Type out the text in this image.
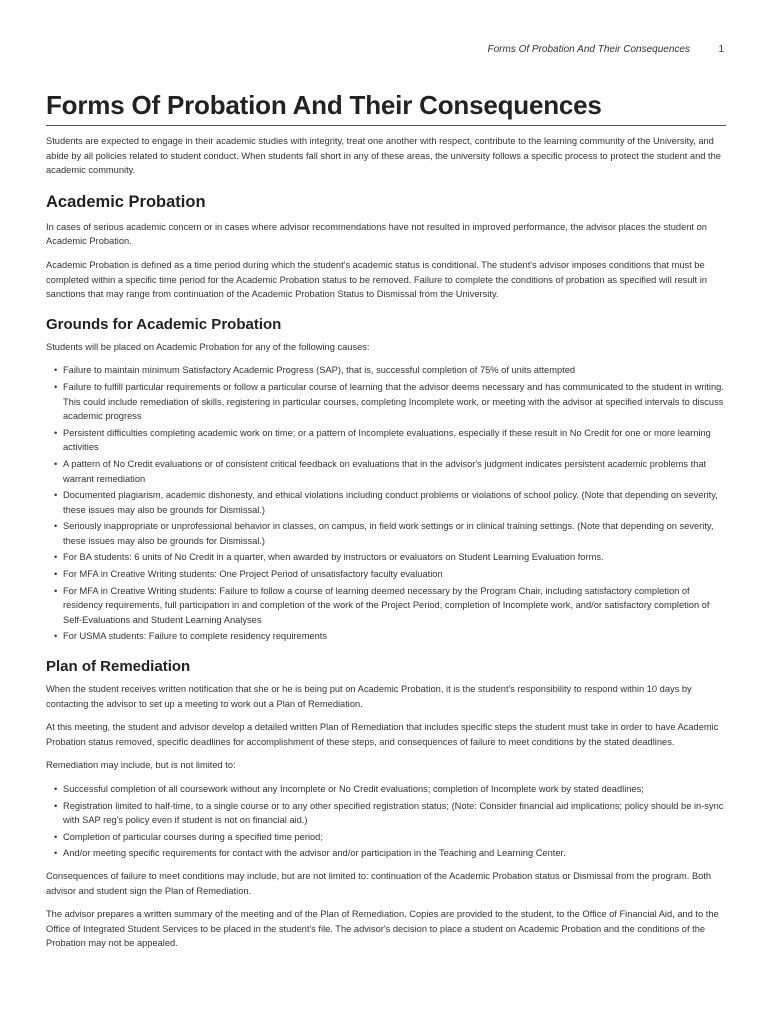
Forms Of Probation And Their Consequences	1
Forms Of Probation And Their Consequences

Students are expected to engage in their academic studies with integrity, treat one another with respect, contribute to the learning community of the University, and abide by all policies related to student conduct. When students fall short in any of these areas, the university follows a specific process to protect the student and the academic community.

Academic Probation

In cases of serious academic concern or in cases where advisor recommendations have not resulted in improved performance, the advisor places the student on Academic Probation.

Academic Probation is defined as a time period during which the student's academic status is conditional. The student's advisor imposes conditions that must be completed within a specific time period for the Academic Probation status to be removed. Failure to complete the conditions of probation as specified will result in sanctions that may range from continuation of the Academic Probation Status to Dismissal from the University.

Grounds for Academic Probation

Students will be placed on Academic Probation for any of the following causes:

• Failure to maintain minimum Satisfactory Academic Progress (SAP), that is, successful completion of 75% of units attempted
• Failure to fulfill particular requirements or follow a particular course of learning that the advisor deems necessary and has communicated to the student in writing. This could include remediation of skills, registering in particular courses, completing Incomplete work, or meeting with the advisor at specified intervals to discuss academic progress
• Persistent difficulties completing academic work on time; or a pattern of Incomplete evaluations, especially if these result in No Credit for one or more learning activities
• A pattern of No Credit evaluations or of consistent critical feedback on evaluations that in the advisor's judgment indicates persistent academic problems that warrant remediation
• Documented plagiarism, academic dishonesty, and ethical violations including conduct problems or violations of school policy. (Note that depending on severity, these issues may also be grounds for Dismissal.)
• Seriously inappropriate or unprofessional behavior in classes, on campus, in field work settings or in clinical training settings. (Note that depending on severity, these issues may also be grounds for Dismissal.)
• For BA students: 6 units of No Credit in a quarter, when awarded by instructors or evaluators on Student Learning Evaluation forms.
• For MFA in Creative Writing students: One Project Period of unsatisfactory faculty evaluation
• For MFA in Creative Writing students: Failure to follow a course of learning deemed necessary by the Program Chair, including satisfactory completion of residency requirements, full participation in and completion of the work of the Project Period, completion of Incomplete work, and/or satisfactory completion of Self-Evaluations and Student Learning Analyses
• For USMA students: Failure to complete residency requirements
Plan of Remediation

When the student receives written notification that she or he is being put on Academic Probation, it is the student's responsibility to respond within 10 days by contacting the advisor to set up a meeting to work out a Plan of Remediation.

At this meeting, the student and advisor develop a detailed written Plan of Remediation that includes specific steps the student must take in order to have Academic Probation status removed, specific deadlines for accomplishment of these steps, and consequences of failure to meet conditions by the stated deadlines.

Remediation may include, but is not limited to:

• Successful completion of all coursework without any Incomplete or No Credit evaluations; completion of Incomplete work by stated deadlines;
• Registration limited to half-time, to a single course or to any other specified registration status; (Note: Consider financial aid implications; policy should be in-sync with SAP reg's policy even if student is not on financial aid.)
• Completion of particular courses during a specified time period;
• And/or meeting specific requirements for contact with the advisor and/or participation in the Teaching and Learning Center.

Consequences of failure to meet conditions may include, but are not limited to: continuation of the Academic Probation status or Dismissal from the program. Both advisor and student sign the Plan of Remediation.

The advisor prepares a written summary of the meeting and of the Plan of Remediation. Copies are provided to the student, to the Office of Financial Aid, and to the Office of Integrated Student Services to be placed in the student's file. The advisor's decision to place a student on Academic Probation and the conditions of the Probation may not be appealed.
